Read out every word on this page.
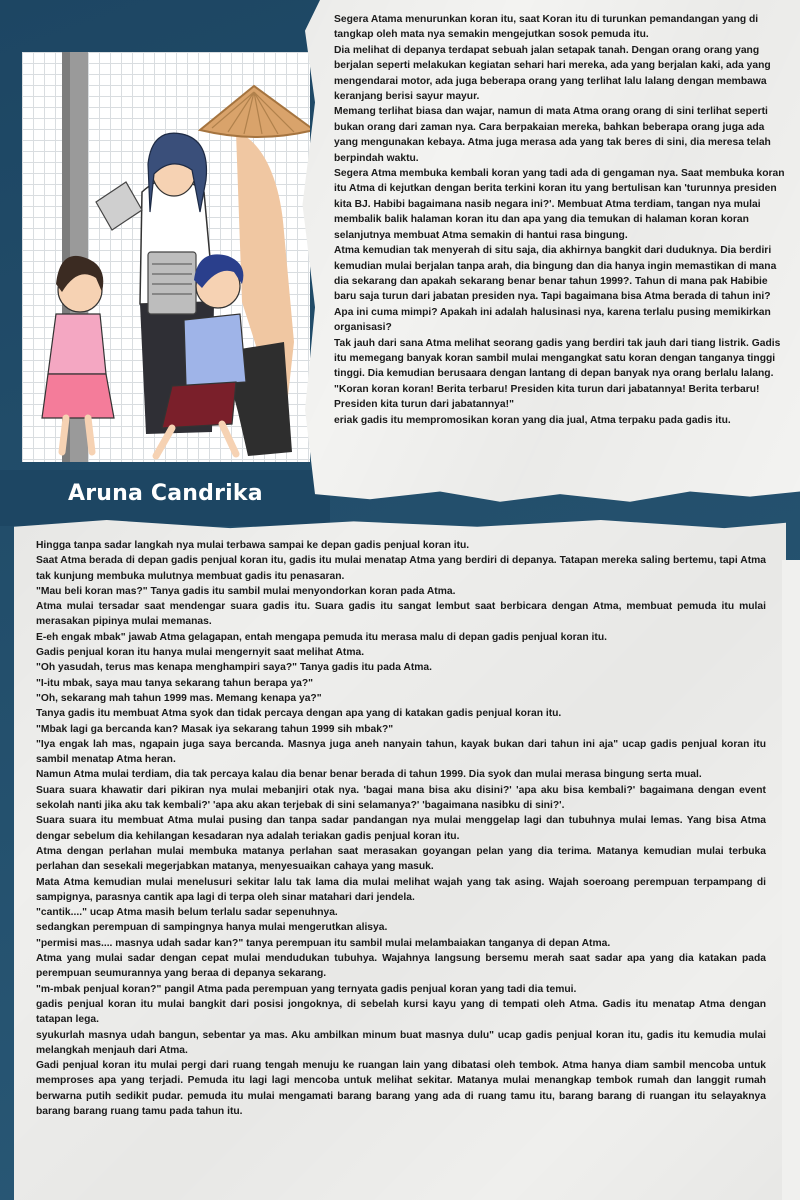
Aruna Candrika

Segera Atama menurunkan koran itu, saat Koran itu di turunkan pemandangan yang di tangkap oleh mata nya semakin mengejutkan sosok pemuda itu.

Dia melihat di depanya terdapat sebuah jalan setapak tanah. Dengan orang orang yang berjalan seperti melakukan kegiatan sehari hari mereka, ada yang berjalan kaki, ada yang mengendarai motor, ada juga beberapa orang yang terlihat lalu lalang dengan membawa keranjang berisi sayur mayur.

Memang terlihat biasa dan wajar, namun di mata Atma orang orang di sini terlihat seperti bukan orang dari zaman nya. Cara berpakaian mereka, bahkan beberapa orang juga ada yang mengunakan kebaya. Atma juga merasa ada yang tak beres di sini, dia meresa telah berpindah waktu.

Segera Atma membuka kembali koran yang tadi ada di gengaman nya. Saat membuka koran itu Atma di kejutkan dengan berita terkini koran itu yang bertulisan kan 'turunnya presiden kita BJ. Habibi bagaimana nasib negara ini?'. Membuat Atma terdiam, tangan nya mulai membalik balik halaman koran itu dan apa yang dia temukan di halaman koran koran selanjutnya membuat Atma semakin di hantui rasa bingung.

Atma kemudian tak menyerah di situ saja, dia akhirnya bangkit dari duduknya. Dia berdiri kemudian mulai berjalan tanpa arah, dia bingung dan dia hanya ingin memastikan di mana dia sekarang dan apakah sekarang benar benar tahun 1999?. Tahun di mana pak Habibie baru saja turun dari jabatan presiden nya. Tapi bagaimana bisa Atma berada di tahun ini? Apa ini cuma mimpi? Apakah ini adalah halusinasi nya, karena terlalu pusing memikirkan organisasi?

Tak jauh dari sana Atma melihat seorang gadis yang berdiri tak jauh dari tiang listrik. Gadis itu memegang banyak koran sambil mulai mengangkat satu koran dengan tanganya tinggi tinggi. Dia kemudian berusaara dengan lantang di depan banyak nya orang berlalu lalang.

"Koran koran koran! Berita terbaru! Presiden kita turun dari jabatannya! Berita terbaru! Presiden kita turun dari jabatannya!"

eriak gadis itu mempromosikan koran yang dia jual, Atma terpaku pada gadis itu.

Hingga tanpa sadar langkah nya mulai terbawa sampai ke depan gadis penjual koran itu.

Saat Atma berada di depan gadis penjual koran itu, gadis itu mulai menatap Atma yang berdiri di depanya. Tatapan mereka saling bertemu, tapi Atma tak kunjung membuka mulutnya membuat gadis itu penasaran.

"Mau beli koran mas?" Tanya gadis itu sambil mulai menyondorkan koran pada Atma.

Atma mulai tersadar saat mendengar suara gadis itu. Suara gadis itu sangat lembut saat berbicara dengan Atma, membuat pemuda itu mulai merasakan pipinya mulai memanas.

E-eh engak mbak" jawab Atma gelagapan, entah mengapa pemuda itu merasa malu di depan gadis penjual koran itu.

Gadis penjual koran itu hanya mulai mengernyit saat melihat Atma.

"Oh yasudah, terus mas kenapa menghampiri saya?" Tanya gadis itu pada Atma.

"I-itu mbak, saya mau tanya sekarang tahun berapa ya?"

"Oh, sekarang mah tahun 1999 mas. Memang kenapa ya?"

Tanya gadis itu membuat Atma syok dan tidak percaya dengan apa yang di katakan gadis penjual koran itu.

"Mbak lagi ga bercanda kan? Masak iya sekarang tahun 1999 sih mbak?"

"Iya engak lah mas, ngapain juga saya bercanda. Masnya juga aneh nanyain tahun, kayak bukan dari tahun ini aja" ucap gadis penjual koran itu sambil menatap Atma heran.

Namun Atma mulai terdiam, dia tak percaya kalau dia benar benar berada di tahun 1999. Dia syok dan mulai merasa bingung serta mual.

Suara suara khawatir dari pikiran nya mulai mebanjiri otak nya. 'bagai mana bisa aku disini?' 'apa aku bisa kembali?' bagaimana dengan event sekolah nanti jika aku tak kembali?' 'apa aku akan terjebak di sini selamanya?' 'bagaimana nasibku di sini?'.

Suara suara itu membuat Atma mulai pusing dan tanpa sadar pandangan nya mulai menggelap lagi dan tubuhnya mulai lemas. Yang bisa Atma dengar sebelum dia kehilangan kesadaran nya adalah teriakan gadis penjual koran itu.

Atma dengan perlahan mulai membuka matanya perlahan saat merasakan goyangan pelan yang dia terima. Matanya kemudian mulai terbuka perlahan dan sesekali megerjabkan matanya, menyesuaikan cahaya yang masuk.

Mata Atma kemudian mulai menelusuri sekitar lalu tak lama dia mulai melihat wajah yang tak asing. Wajah soeroang perempuan terpampang di sampignya, parasnya cantik apa lagi di terpa oleh sinar matahari dari jendela.

"cantik...." ucap Atma masih belum terlalu sadar sepenuhnya.

sedangkan perempuan di sampingnya hanya mulai mengerutkan alisya.

"permisi mas.... masnya udah sadar kan?" tanya perempuan itu sambil mulai melambaiakan tanganya di depan Atma.

Atma yang mulai sadar dengan cepat mulai mendudukan tubuhya. Wajahnya langsung bersemu merah saat sadar apa yang dia katakan pada perempuan seumurannya yang beraa di depanya sekarang.

"m-mbak penjual koran?" pangil Atma pada perempuan yang ternyata gadis penjual koran yang tadi dia temui.

gadis penjual koran itu mulai bangkit dari posisi jongoknya, di sebelah kursi kayu yang di tempati oleh Atma. Gadis itu menatap Atma dengan tatapan lega.

syukurlah masnya udah bangun, sebentar ya mas. Aku ambilkan minum buat masnya dulu" ucap gadis penjual koran itu, gadis itu kemudia mulai melangkah menjauh dari Atma.

Gadi penjual koran itu mulai pergi dari ruang tengah menuju ke ruangan lain yang dibatasi oleh tembok. Atma hanya diam sambil mencoba untuk memproses apa yang terjadi. Pemuda itu lagi lagi mencoba untuk melihat sekitar. Matanya mulai menangkap tembok rumah dan langgit rumah berwarna putih sedikit pudar. pemuda itu mulai mengamati barang barang yang ada di ruang tamu itu, barang barang di ruangan itu selayaknya barang barang ruang tamu pada tahun itu.
